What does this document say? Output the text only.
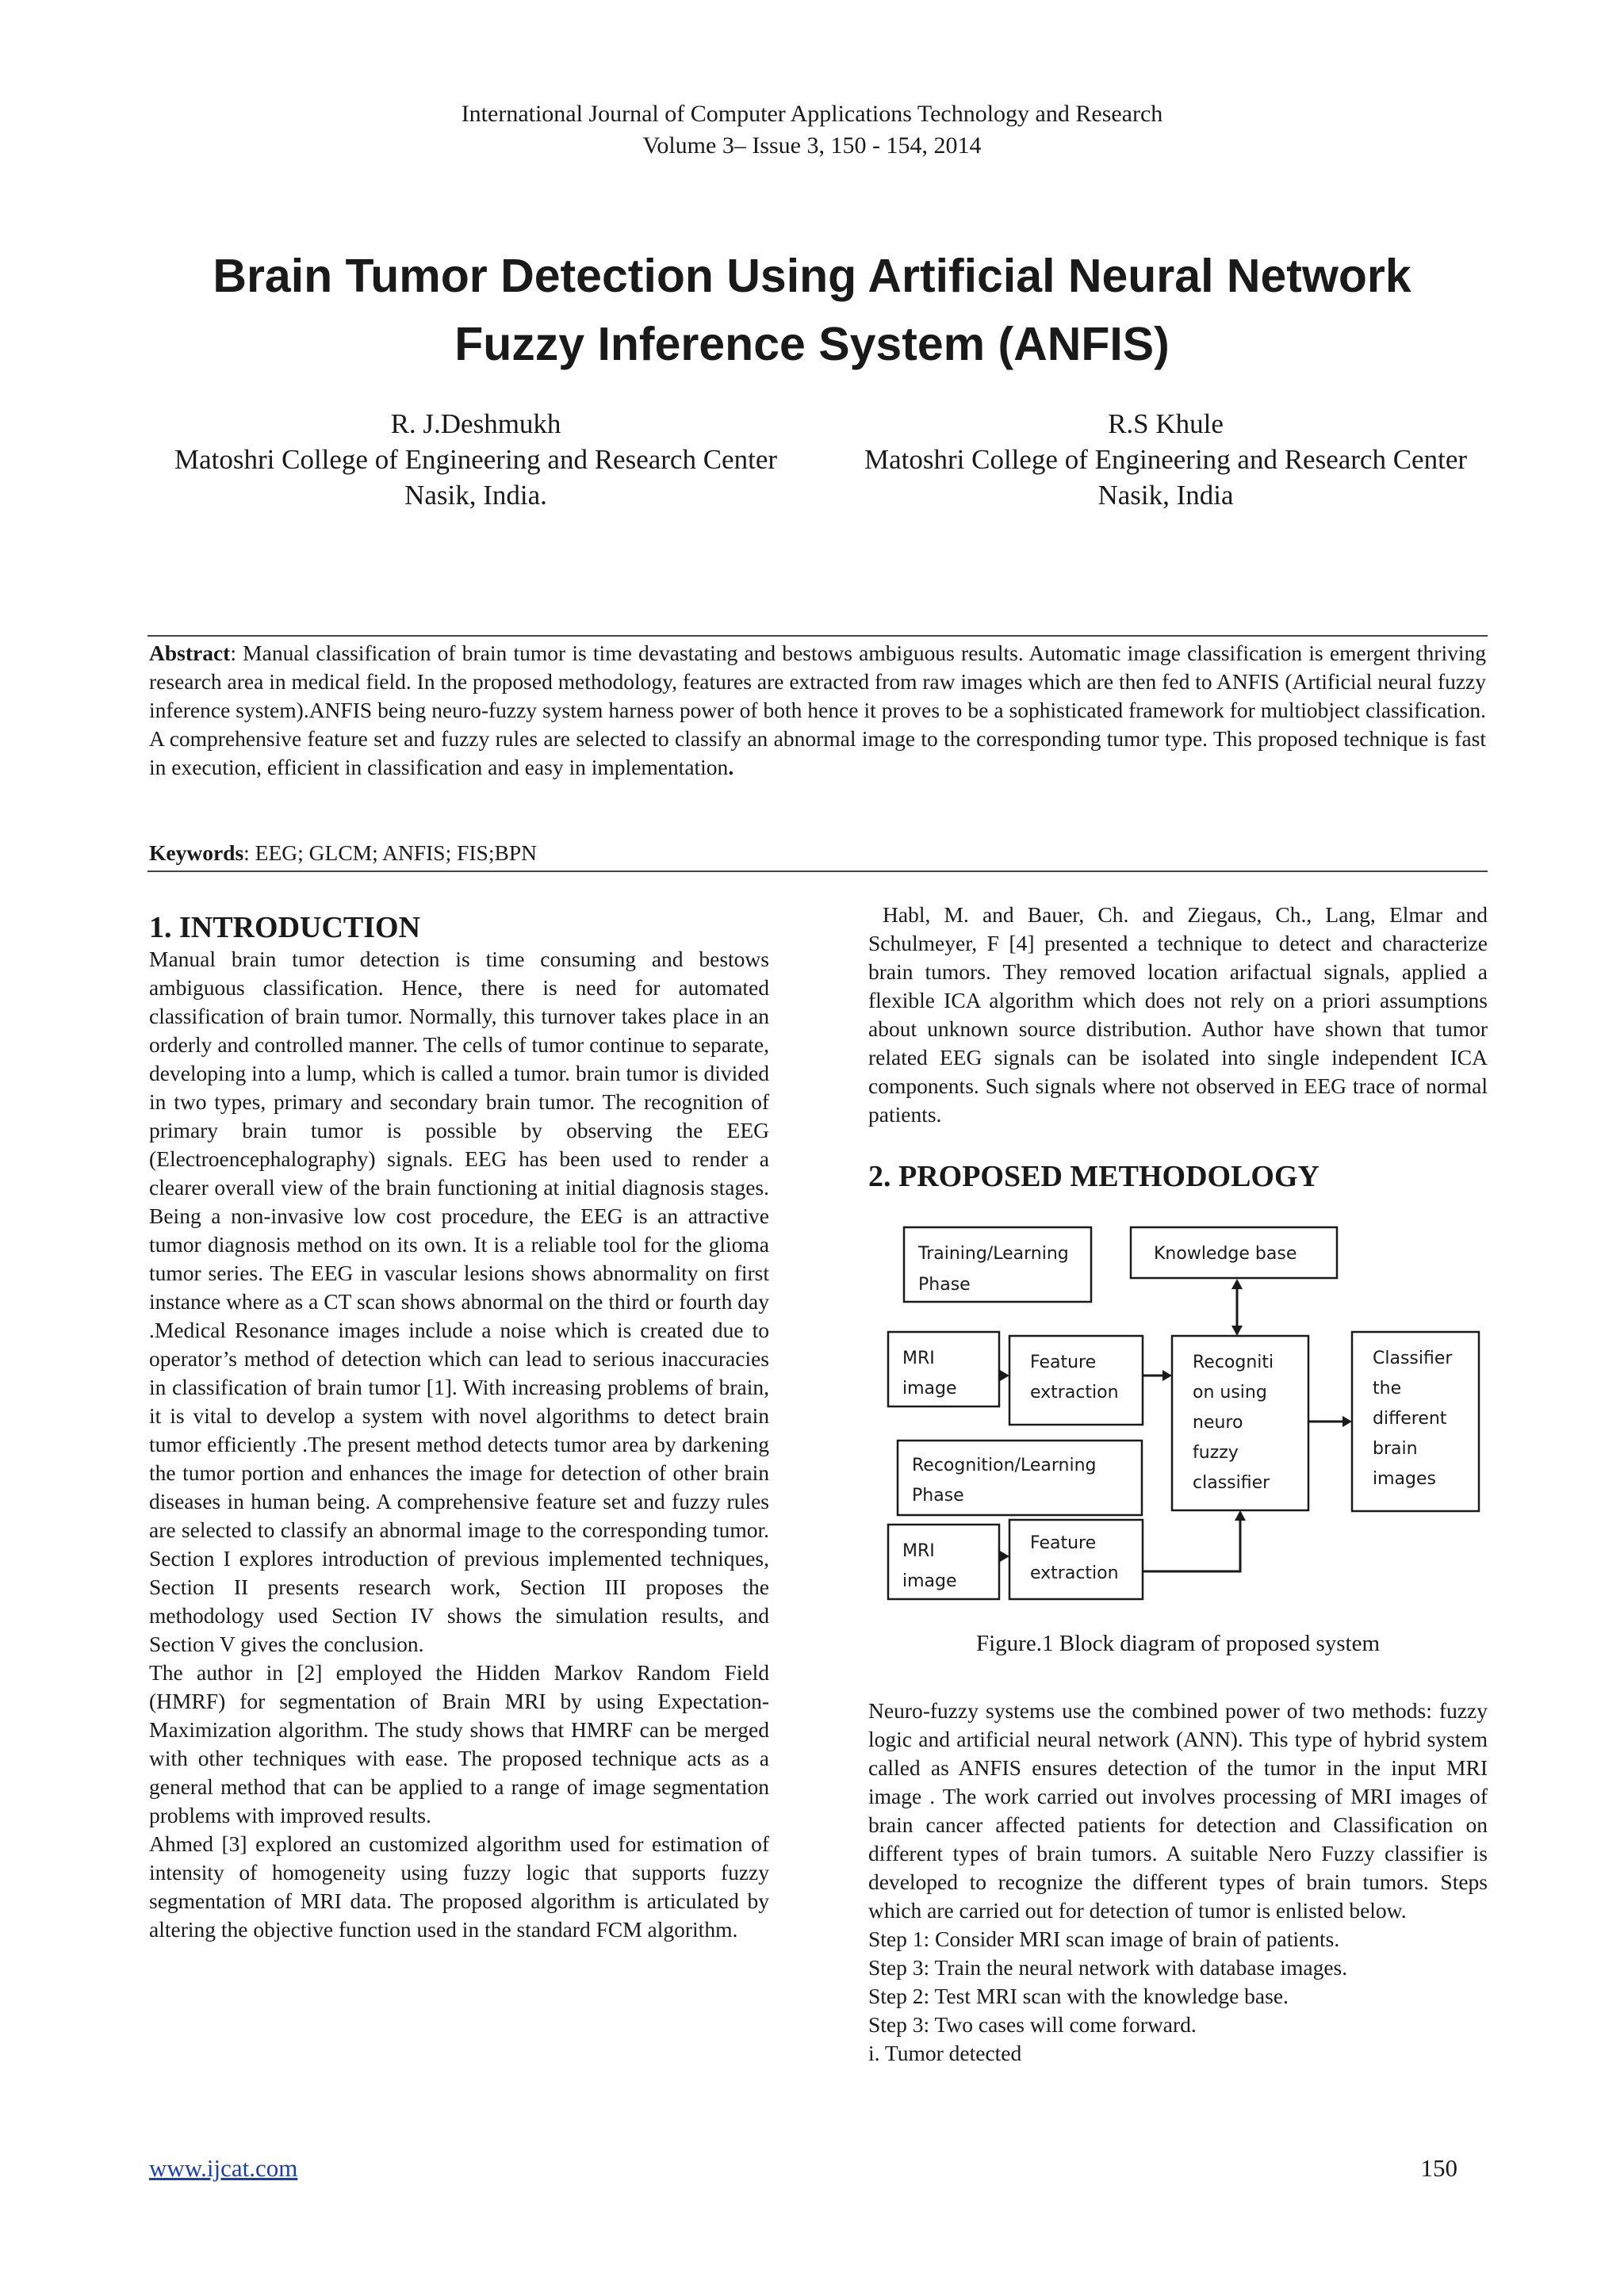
International Journal of Computer Applications Technology and Research
Volume 3– Issue 3, 150 - 154, 2014
Brain Tumor Detection Using Artificial Neural Network
Fuzzy Inference System (ANFIS)
R. J.Deshmukh
Matoshri College of Engineering and Research Center
Nasik, India.
R.S Khule
Matoshri College of Engineering and Research Center
Nasik, India
Abstract: Manual classification of brain tumor is time devastating and bestows ambiguous results. Automatic image classification is emergent thriving research area in medical field. In the proposed methodology, features are extracted from raw images which are then fed to ANFIS (Artificial neural fuzzy inference system).ANFIS being neuro-fuzzy system harness power of both hence it proves to be a sophisticated framework for multiobject classification. A comprehensive feature set and fuzzy rules are selected to classify an abnormal image to the corresponding tumor type. This proposed technique is fast in execution, efficient in classification and easy in implementation.
Keywords: EEG; GLCM; ANFIS; FIS;BPN
1. INTRODUCTION

Manual brain tumor detection is time consuming and bestows ambiguous classification. Hence, there is need for automated classification of brain tumor. Normally, this turnover takes place in an orderly and controlled manner. The cells of tumor continue to separate, developing into a lump, which is called a tumor. brain tumor is divided in two types, primary and secondary brain tumor. The recognition of primary brain tumor is possible by observing the EEG (Electroencephalography) signals. EEG has been used to render a clearer overall view of the brain functioning at initial diagnosis stages. Being a non-invasive low cost procedure, the EEG is an attractive tumor diagnosis method on its own. It is a reliable tool for the glioma tumor series. The EEG in vascular lesions shows abnormality on first instance where as a CT scan shows abnormal on the third or fourth day .Medical Resonance images include a noise which is created due to operator’s method of detection which can lead to serious inaccuracies in classification of brain tumor [1]. With increasing problems of brain, it is vital to develop a system with novel algorithms to detect brain tumor efficiently .The present method detects tumor area by darkening the tumor portion and enhances the image for detection of other brain diseases in human being. A comprehensive feature set and fuzzy rules are selected to classify an abnormal image to the corresponding tumor. Section I explores introduction of previous implemented techniques, Section II presents research work, Section III proposes the methodology used Section IV shows the simulation results, and Section V gives the conclusion.

The author in [2] employed the Hidden Markov Random Field (HMRF) for segmentation of Brain MRI by using Expectation-Maximization algorithm. The study shows that HMRF can be merged with other techniques with ease. The proposed technique acts as a general method that can be applied to a range of image segmentation problems with improved results.

Ahmed [3] explored an customized algorithm used for estimation of intensity of homogeneity using fuzzy logic that supports fuzzy segmentation of MRI data. The proposed algorithm is articulated by altering the objective function used in the standard FCM algorithm.

Habl, M. and Bauer, Ch. and Ziegaus, Ch., Lang, Elmar and Schulmeyer, F [4] presented a technique to detect and characterize brain tumors. They removed location arifactual signals, applied a flexible ICA algorithm which does not rely on a priori assumptions about unknown source distribution. Author have shown that tumor related EEG signals can be isolated into single independent ICA components. Such signals where not observed in EEG trace of normal patients.

2. PROPOSED METHODOLOGY
Training/Learning Phase
Knowledge base
MRI image
Feature extraction
Recogniti on using neuro fuzzy classifier
Classifier the different brain images
Recognition/Learning Phase
MRI image
Feature extraction
Figure.1 Block diagram of proposed system

Neuro-fuzzy systems use the combined power of two methods: fuzzy logic and artificial neural network (ANN). This type of hybrid system called as ANFIS ensures detection of the tumor in the input MRI image . The work carried out involves processing of MRI images of brain cancer affected patients for detection and Classification on different types of brain tumors. A suitable Nero Fuzzy classifier is developed to recognize the different types of brain tumors. Steps which are carried out for detection of tumor is enlisted below.

Step 1: Consider MRI scan image of brain of patients.
Step 3: Train the neural network with database images.
Step 2: Test MRI scan with the knowledge base.
Step 3: Two cases will come forward.
i. Tumor detected
www.ijcat.com	150
